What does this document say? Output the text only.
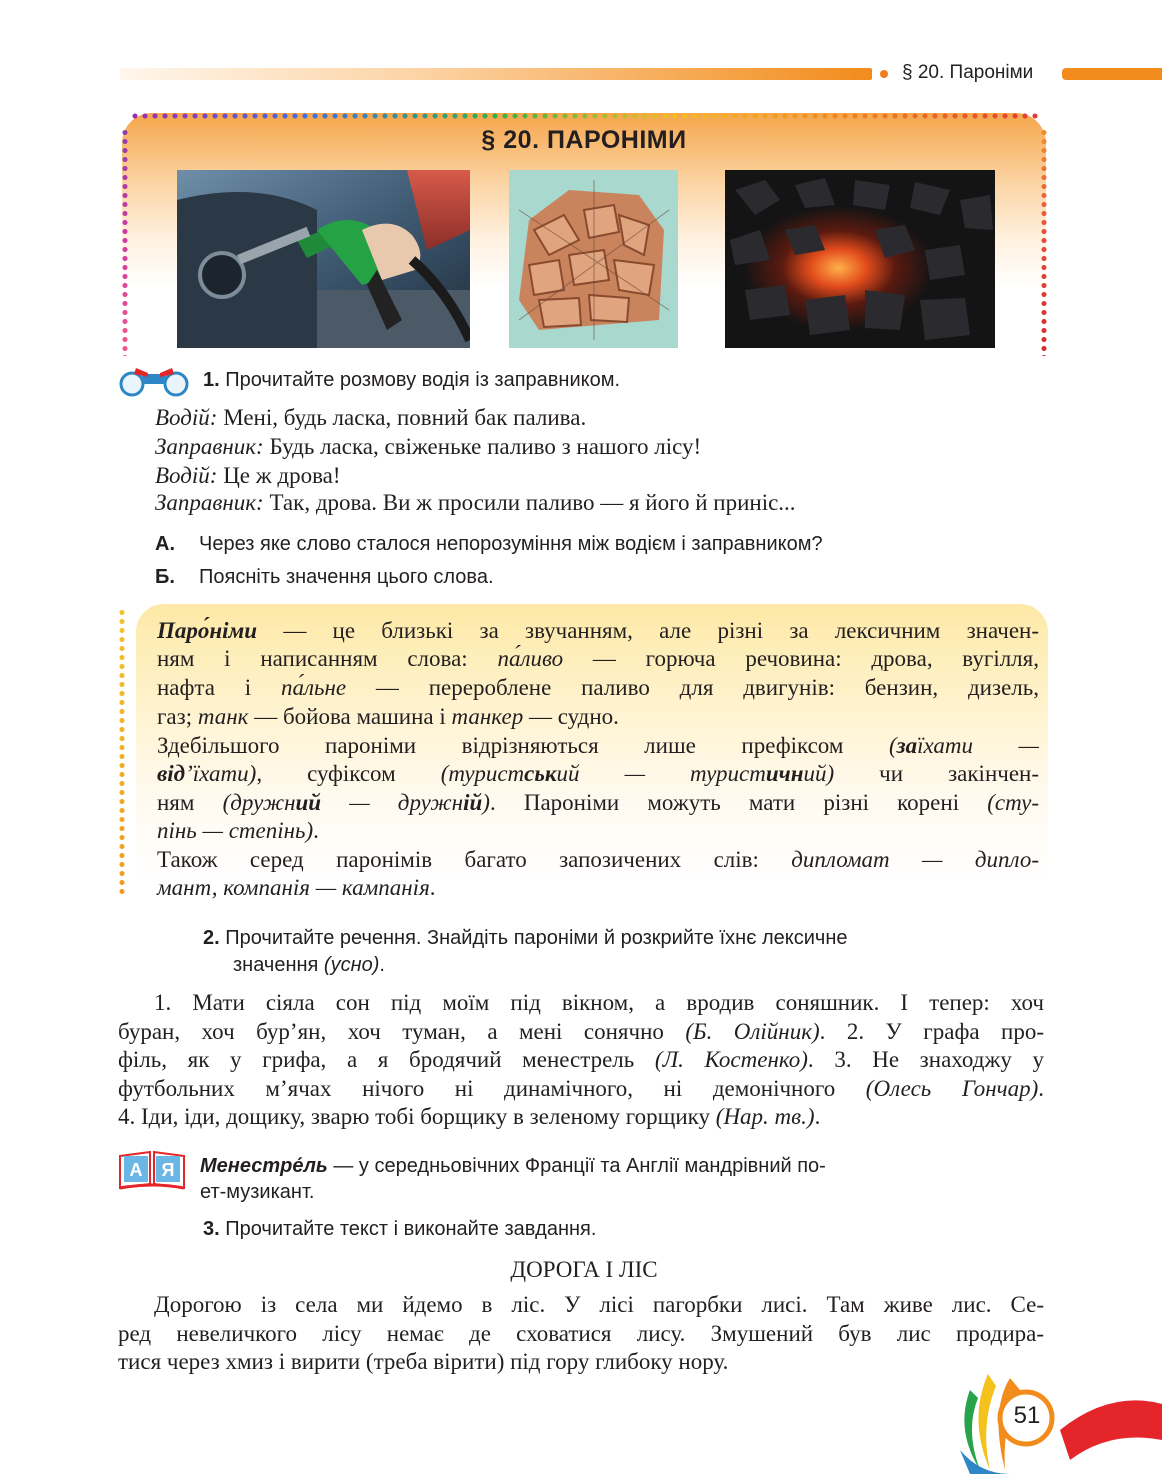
§ 20. Пароніми
§ 20. ПАРОНІМИ
1. Прочитайте розмову водія із заправником.
Водій: Мені, будь ласка, повний бак палива.
Заправник: Будь ласка, свіженьке паливо з нашого лісу!
Водій: Це ж дрова!
Заправник: Так, дрова. Ви ж просили паливо — я його й приніс...
А. Через яке слово сталося непорозуміння між водієм і заправником?
Б. Поясніть значення цього слова.
Паро́німи — це близькі за звучанням, але різні за лексичним значен-
ням і написанням слова: па́ливо — горюча речовина: дрова, вугілля,
нафта і па́льне — перероблене паливо для двигунів: бензин, дизель,
газ; танк — бойова машина і танкер — судно.
Здебільшого пароніми відрізняються лише префіксом (заїхати —
від’їхати), суфіксом (туристський — туристичний) чи закінчен-
ням (дружний — дружній). Пароніми можуть мати різні корені (сту-
пінь — степінь).
Також серед паронімів багато запозичених слів: дипломат — дипло-
мант, компанія — кампанія.
2. Прочитайте речення. Знайдіть пароніми й розкрийте їхнє лексичне
значення (усно).
1. Мати сіяла сон під моїм під вікном, а вродив соняшник. І тепер: хоч
буран, хоч бур’ян, хоч туман, а мені сонячно (Б. Олійник). 2. У графа про-
філь, як у грифа, а я бродячий менестрель (Л. Костенко). 3. Не знаходжу у
футбольних м’ячах нічого ні динамічного, ні демонічного (Олесь Гончар).
4. Іди, іди, дощику, зварю тобі борщику в зеленому горщику (Нар. тв.).
А Я Менестре́ль — у середньовічних Франції та Англії мандрівний по-
ет-музикант.
3. Прочитайте текст і виконайте завдання.
ДОРОГА І ЛІС
Дорогою із села ми йдемо в ліс. У лісі пагорбки лисі. Там живе лис. Се-
ред невеличкого лісу немає де сховатися лису. Змушений був лис продира-
тися через хмиз і вирити (треба вірити) під гору глибоку нору.
51
